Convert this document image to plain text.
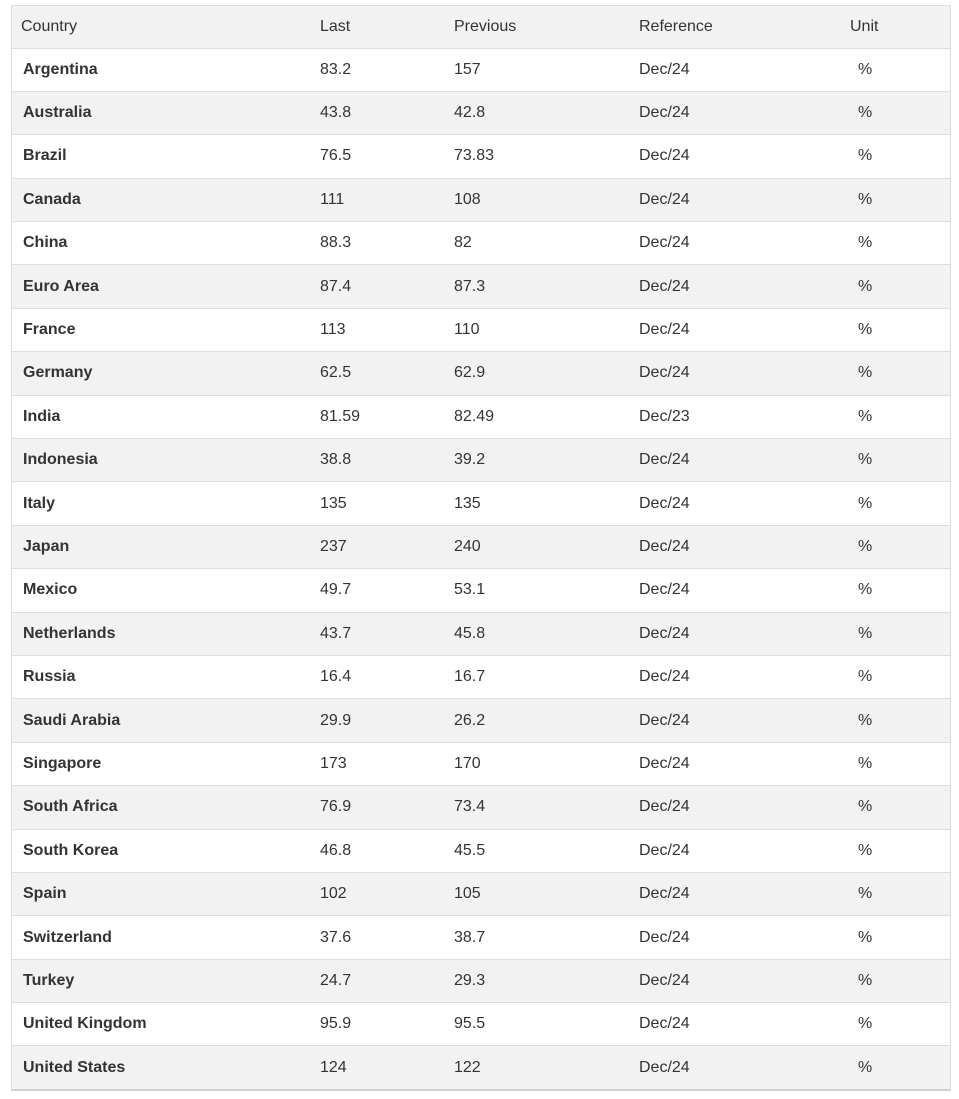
Country	Last	Previous	Reference	Unit
Argentina	83.2	157	Dec/24	%
Australia	43.8	42.8	Dec/24	%
Brazil	76.5	73.83	Dec/24	%
Canada	111	108	Dec/24	%
China	88.3	82	Dec/24	%
Euro Area	87.4	87.3	Dec/24	%
France	113	110	Dec/24	%
Germany	62.5	62.9	Dec/24	%
India	81.59	82.49	Dec/23	%
Indonesia	38.8	39.2	Dec/24	%
Italy	135	135	Dec/24	%
Japan	237	240	Dec/24	%
Mexico	49.7	53.1	Dec/24	%
Netherlands	43.7	45.8	Dec/24	%
Russia	16.4	16.7	Dec/24	%
Saudi Arabia	29.9	26.2	Dec/24	%
Singapore	173	170	Dec/24	%
South Africa	76.9	73.4	Dec/24	%
South Korea	46.8	45.5	Dec/24	%
Spain	102	105	Dec/24	%
Switzerland	37.6	38.7	Dec/24	%
Turkey	24.7	29.3	Dec/24	%
United Kingdom	95.9	95.5	Dec/24	%
United States	124	122	Dec/24	%
